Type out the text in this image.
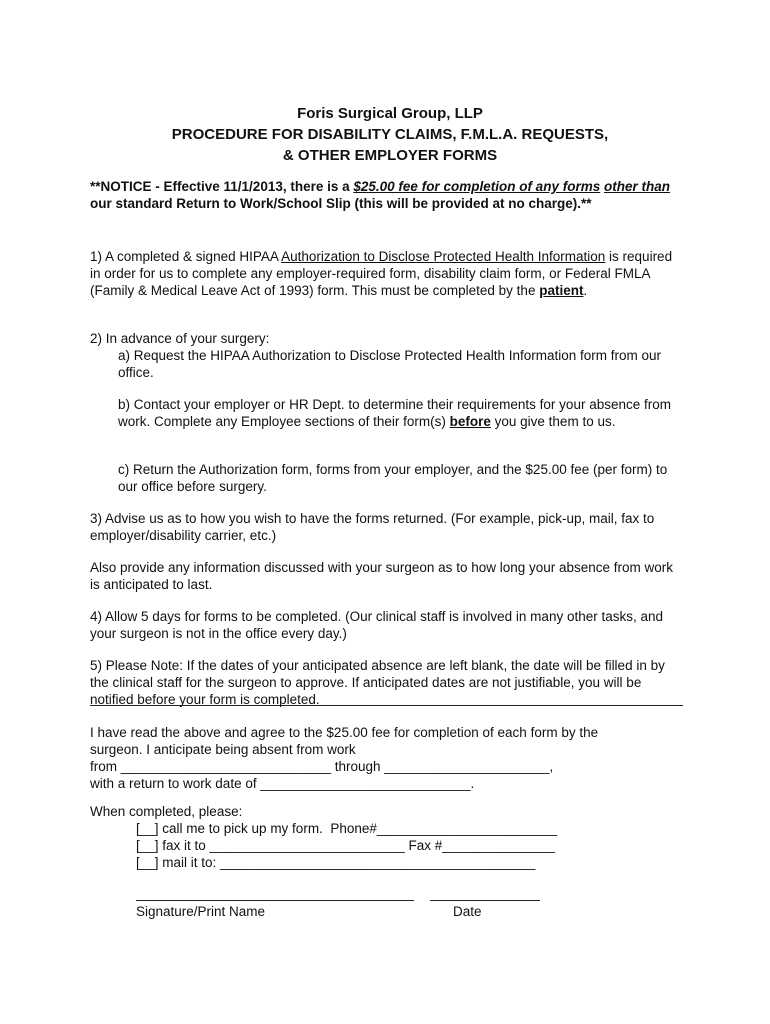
Foris Surgical Group, LLP
PROCEDURE FOR DISABILITY CLAIMS, F.M.L.A. REQUESTS,
& OTHER EMPLOYER FORMS
**NOTICE - Effective 11/1/2013, there is a $25.00 fee for completion of any forms other than our standard Return to Work/School Slip (this will be provided at no charge).**
1) A completed & signed HIPAA Authorization to Disclose Protected Health Information is required in order for us to complete any employer-required form, disability claim form, or Federal FMLA (Family & Medical Leave Act of 1993) form. This must be completed by the patient.
2) In advance of your surgery:
a) Request the HIPAA Authorization to Disclose Protected Health Information form from our office.
b) Contact your employer or HR Dept. to determine their requirements for your absence from work. Complete any Employee sections of their form(s) before you give them to us.
c) Return the Authorization form, forms from your employer, and the $25.00 fee (per form) to our office before surgery.
3) Advise us as to how you wish to have the forms returned. (For example, pick-up, mail, fax to employer/disability carrier, etc.)
Also provide any information discussed with your surgeon as to how long your absence from work is anticipated to last.
4) Allow 5 days for forms to be completed. (Our clinical staff is involved in many other tasks, and your surgeon is not in the office every day.)
5) Please Note: If the dates of your anticipated absence are left blank, the date will be filled in by the clinical staff for the surgeon to approve. If anticipated dates are not justifiable, you will be notified before your form is completed.
I have read the above and agree to the $25.00 fee for completion of each form by the
surgeon. I anticipate being absent from work
from ____________________________ through ______________________,
with a return to work date of ____________________________.
When completed, please:
[__] call me to pick up my form.  Phone#________________________
[__] fax it to __________________________ Fax #_______________
[__] mail it to: __________________________________________
Signature/Print Name	Date
